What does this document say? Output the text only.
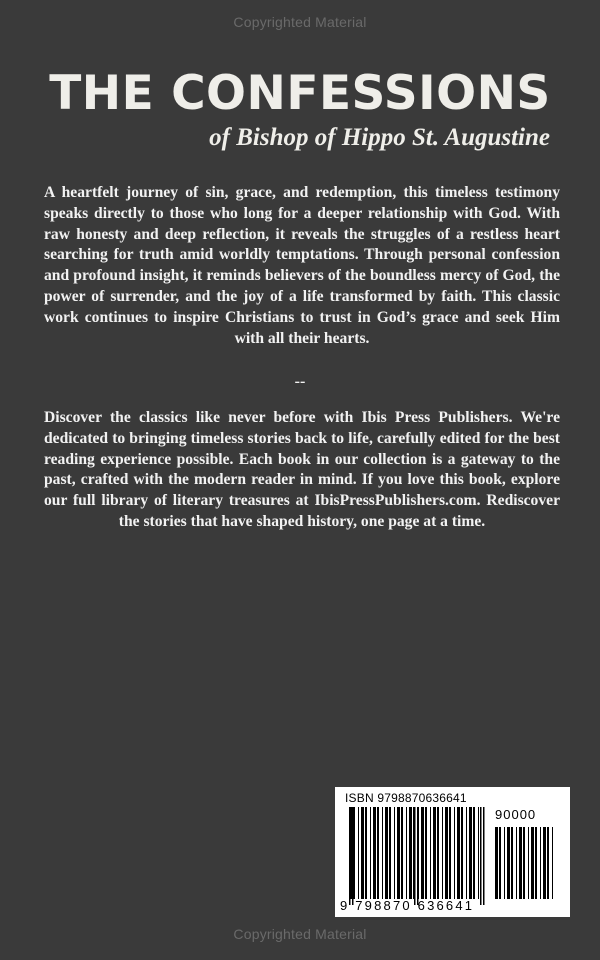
Copyrighted Material
THE CONFESSIONS
of Bishop of Hippo St. Augustine
A heartfelt journey of sin, grace, and redemption, this timeless testimony speaks directly to those who long for a deeper relationship with God. With raw honesty and deep reflection, it reveals the struggles of a restless heart searching for truth amid worldly temptations. Through personal confession and profound insight, it reminds believers of the boundless mercy of God, the power of surrender, and the joy of a life transformed by faith. This classic work continues to inspire Christians to trust in God’s grace and seek Him with all their hearts.
--
Discover the classics like never before with Ibis Press Publishers. We're dedicated to bringing timeless stories back to life, carefully edited for the best reading experience possible. Each book in our collection is a gateway to the past, crafted with the modern reader in mind. If you love this book, explore our full library of literary treasures at IbisPressPublishers.com. Rediscover the stories that have shaped history, one page at a time.
ISBN 9798870636641
90000
9 798870 636641
Copyrighted Material
